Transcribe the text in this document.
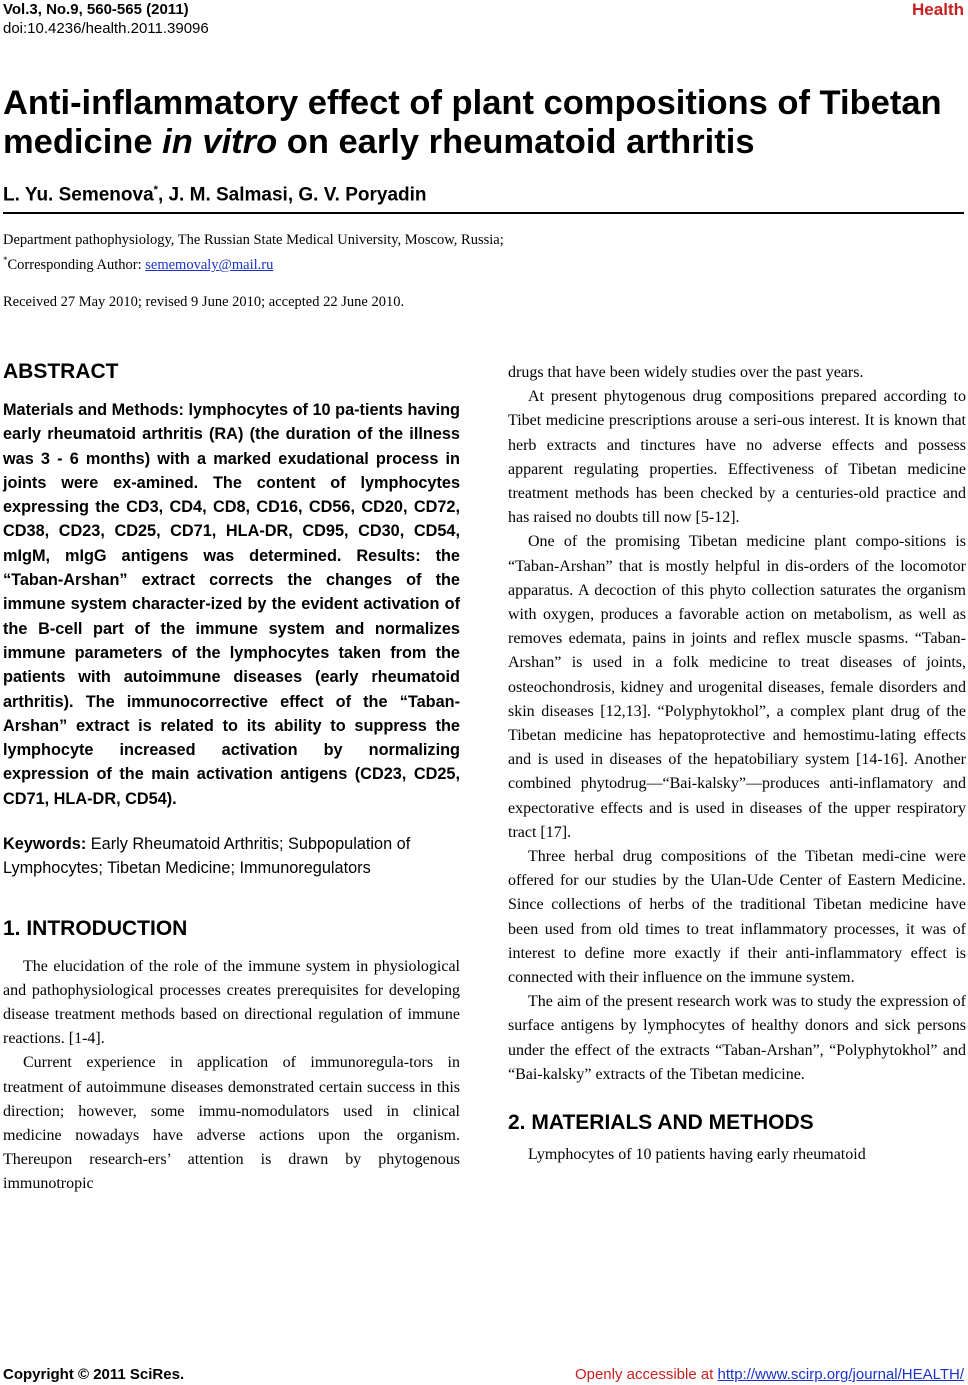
Vol.3, No.9, 560-565 (2011)
doi:10.4236/health.2011.39096
Health
Anti-inflammatory effect of plant compositions of Tibetan medicine in vitro on early rheumatoid arthritis
L. Yu. Semenova*, J. M. Salmasi, G. V. Poryadin
Department pathophysiology, The Russian State Medical University, Moscow, Russia;
*Corresponding Author: sememovaly@mail.ru
Received 27 May 2010; revised 9 June 2010; accepted 22 June 2010.
ABSTRACT

Materials and Methods: lymphocytes of 10 pa-tients having early rheumatoid arthritis (RA) (the duration of the illness was 3 - 6 months) with a marked exudational process in joints were ex-amined. The content of lymphocytes expressing the CD3, CD4, CD8, CD16, CD56, CD20, CD72, CD38, CD23, CD25, CD71, HLA-DR, CD95, CD30, CD54, mIgM, mIgG antigens was determined. Results: the “Taban-Arshan” extract corrects the changes of the immune system character-ized by the evident activation of the B-cell part of the immune system and normalizes immune parameters of the lymphocytes taken from the patients with autoimmune diseases (early rheumatoid arthritis). The immunocorrective effect of the “Taban-Arshan” extract is related to its ability to suppress the lymphocyte increased activation by normalizing expression of the main activation antigens (CD23, CD25, CD71, HLA-DR, CD54).

Keywords: Early Rheumatoid Arthritis; Subpopulation of Lymphocytes; Tibetan Medicine; Immunoregulators

1. INTRODUCTION

The elucidation of the role of the immune system in physiological and pathophysiological processes creates prerequisites for developing disease treatment methods based on directional regulation of immune reactions. [1-4].

Current experience in application of immunoregula-tors in treatment of autoimmune diseases demonstrated certain success in this direction; however, some immu-nomodulators used in clinical medicine nowadays have adverse actions upon the organism. Thereupon research-ers’ attention is drawn by phytogenous immunotropic

drugs that have been widely studies over the past years.

At present phytogenous drug compositions prepared according to Tibet medicine prescriptions arouse a seri-ous interest. It is known that herb extracts and tinctures have no adverse effects and possess apparent regulating properties. Effectiveness of Tibetan medicine treatment methods has been checked by a centuries-old practice and has raised no doubts till now [5-12].

One of the promising Tibetan medicine plant compo-sitions is “Taban-Arshan” that is mostly helpful in dis-orders of the locomotor apparatus. A decoction of this phyto collection saturates the organism with oxygen, produces a favorable action on metabolism, as well as removes edemata, pains in joints and reflex muscle spasms. “Taban-Arshan” is used in a folk medicine to treat diseases of joints, osteochondrosis, kidney and urogenital diseases, female disorders and skin diseases [12,13]. “Polyphytokhol”, a complex plant drug of the Tibetan medicine has hepatoprotective and hemostimu-lating effects and is used in diseases of the hepatobiliary system [14-16]. Another combined phytodrug―“Bai-kalsky”―produces anti-inflamatory and expectorative effects and is used in diseases of the upper respiratory tract [17].

Three herbal drug compositions of the Tibetan medi-cine were offered for our studies by the Ulan-Ude Center of Eastern Medicine. Since collections of herbs of the traditional Tibetan medicine have been used from old times to treat inflammatory processes, it was of interest to define more exactly if their anti-inflammatory effect is connected with their influence on the immune system.

The aim of the present research work was to study the expression of surface antigens by lymphocytes of healthy donors and sick persons under the effect of the extracts “Taban-Arshan”, “Polyphytokhol” and “Bai-kalsky” extracts of the Tibetan medicine.

2. MATERIALS AND METHODS

Lymphocytes of 10 patients having early rheumatoid

Copyright © 2011 SciRes.	Openly accessible at http://www.scirp.org/journal/HEALTH/
